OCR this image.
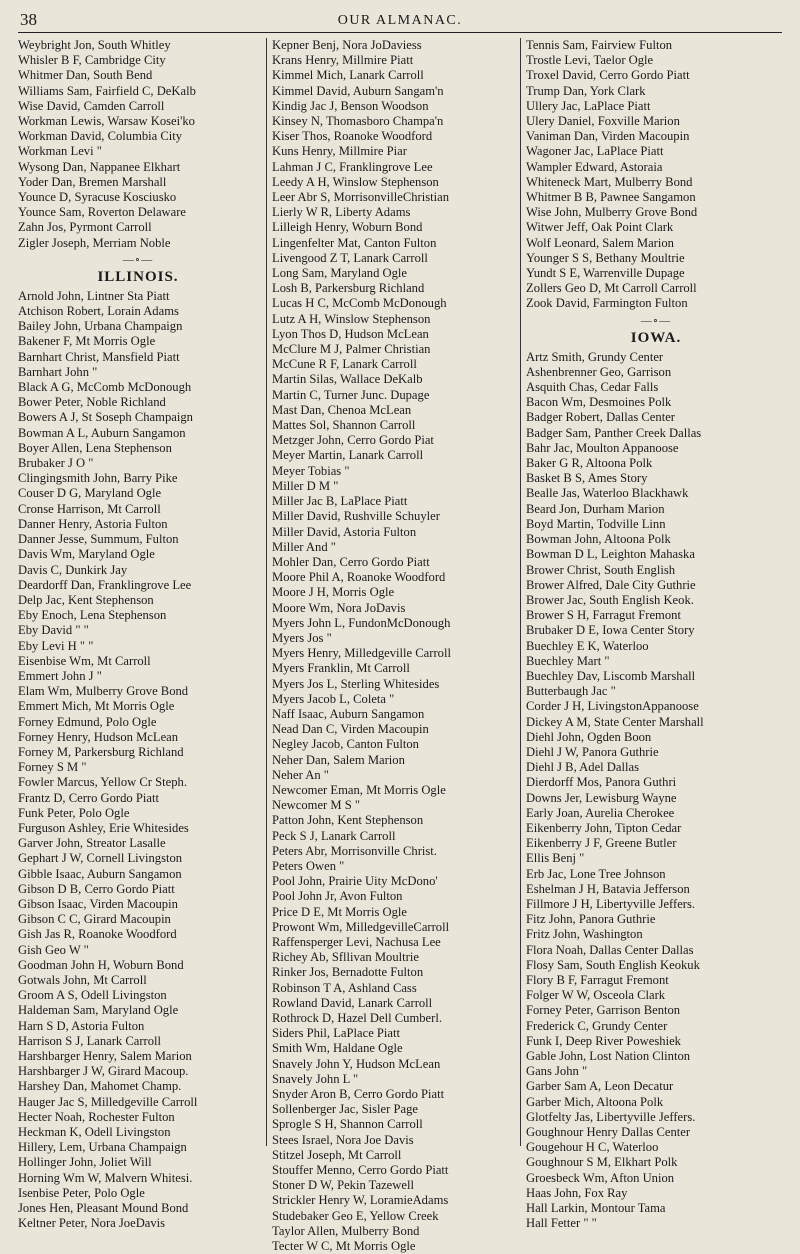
38	OUR ALMANAC.
Weybright Jon, South Whitley
Whisler B F, Cambridge City
Whitmer Dan, South Bend
Williams Sam, Fairfield C, DeKalb
Wise David, Camden Carroll
Workman Lewis, Warsaw Kosei'ko
Workman David, Columbia City
Workman Levi "
Wysong Dan, Nappanee Elkhart
Yoder Dan, Bremen Marshall
Younce D, Syracuse Kosciusko
Younce Sam, Roverton Delaware
Zahn Jos, Pyrmont Carroll
Zigler Joseph, Merriam Noble
—∘—
ILLINOIS.
Arnold John, Lintner Sta Piatt
Atchison Robert, Lorain Adams
Bailey John, Urbana Champaign
Bakener F, Mt Morris Ogle
Barnhart Christ, Mansfield Piatt
Barnhart John "
Black A G, McComb McDonough
Bower Peter, Noble Richland
Bowers A J, St Soseph Champaign
Bowman A L, Auburn Sangamon
Boyer Allen, Lena Stephenson
Brubaker J O "
Clingingsmith John, Barry Pike
Couser D G, Maryland Ogle
Cronse Harrison, Mt Carroll
Danner Henry, Astoria Fulton
Danner Jesse, Summum, Fulton
Davis Wm, Maryland Ogle
Davis C, Dunkirk Jay
Deardorff Dan, Franklingrove Lee
Delp Jac, Kent Stephenson
Eby Enoch, Lena Stephenson
Eby David " "
Eby Levi H " "
Eisenbise Wm, Mt Carroll
Emmert John J "
Elam Wm, Mulberry Grove Bond
Emmert Mich, Mt Morris Ogle
Forney Edmund, Polo Ogle
Forney Henry, Hudson McLean
Forney M, Parkersburg Richland
Forney S M "
Fowler Marcus, Yellow Cr Steph.
Frantz D, Cerro Gordo Piatt
Funk Peter, Polo Ogle
Furguson Ashley, Erie Whitesides
Garver John, Streator Lasalle
Gephart J W, Cornell Livingston
Gibble Isaac, Auburn Sangamon
Gibson D B, Cerro Gordo Piatt
Gibson Isaac, Virden Macoupin
Gibson C C, Girard Macoupin
Gish Jas R, Roanoke Woodford
Gish Geo W "
Goodman John H, Woburn Bond
Gotwals John, Mt Carroll
Groom A S, Odell Livingston
Haldeman Sam, Maryland Ogle
Harn S D, Astoria Fulton
Harrison S J, Lanark Carroll
Harshbarger Henry, Salem Marion
Harshbarger J W, Girard Macoup.
Harshey Dan, Mahomet Champ.
Hauger Jac S, Milledgeville Carroll
Hecter Noah, Rochester Fulton
Heckman K, Odell Livingston
Hillery, Lem, Urbana Champaign
Hollinger John, Joliet Will
Horning Wm W, Malvern Whitesi.
Isenbise Peter, Polo Ogle
Jones Hen, Pleasant Mound Bond
Keltner Peter, Nora JoeDavis
Kepner Benj, Nora JoDaviess
Krans Henry, Millmire Piatt
Kimmel Mich, Lanark Carroll
Kimmel David, Auburn Sangam'n
Kindig Jac J, Benson Woodson
Kinsey N, Thomasboro Champa'n
Kiser Thos, Roanoke Woodford
Kuns Henry, Millmire Piar
Lahman J C, Franklingrove Lee
Leedy A H, Winslow Stephenson
Leer Abr S, MorrisonvilleChristian
Lierly W R, Liberty Adams
Lilleigh Henry, Woburn Bond
Lingenfelter Mat, Canton Fulton
Livengood Z T, Lanark Carroll
Long Sam, Maryland Ogle
Losh B, Parkersburg Richland
Lucas H C, McComb McDonough
Lutz A H, Winslow Stephenson
Lyon Thos D, Hudson McLean
McClure M J, Palmer Christian
McCune R F, Lanark Carroll
Martin Silas, Wallace DeKalb
Martin C, Turner Junc. Dupage
Mast Dan, Chenoa McLean
Mattes Sol, Shannon Carroll
Metzger John, Cerro Gordo Piat
Meyer Martin, Lanark Carroll
Meyer Tobias "
Miller D M "
Miller Jac B, LaPlace Piatt
Miller David, Rushville Schuyler
Miller David, Astoria Fulton
Miller And "
Mohler Dan, Cerro Gordo Piatt
Moore Phil A, Roanoke Woodford
Moore J H, Morris Ogle
Moore Wm, Nora JoDavis
Myers John L, FundonMcDonough
Myers Jos "
Myers Henry, Milledgeville Carroll
Myers Franklin, Mt Carroll
Myers Jos L, Sterling Whitesides
Myers Jacob L, Coleta "
Naff Isaac, Auburn Sangamon
Nead Dan C, Virden Macoupin
Negley Jacob, Canton Fulton
Neher Dan, Salem Marion
Neher An "
Newcomer Eman, Mt Morris Ogle
Newcomer M S "
Patton John, Kent Stephenson
Peck S J, Lanark Carroll
Peters Abr, Morrisonville Christ.
Peters Owen "
Pool John, Prairie Uity McDono'
Pool John Jr, Avon Fulton
Price D E, Mt Morris Ogle
Prowont Wm, MilledgevilleCarroll
Raffensperger Levi, Nachusa Lee
Richey Ab, Sfllivan Moultrie
Rinker Jos, Bernadotte Fulton
Robinson T A, Ashland Cass
Rowland David, Lanark Carroll
Rothrock D, Hazel Dell Cumberl.
Siders Phil, LaPlace Piatt
Smith Wm, Haldane Ogle
Snavely John Y, Hudson McLean
Snavely John L "
Snyder Aron B, Cerro Gordo Piatt
Sollenberger Jac, Sisler Page
Sprogle S H, Shannon Carroll
Stees Israel, Nora Joe Davis
Stitzel Joseph, Mt Carroll
Stouffer Menno, Cerro Gordo Piatt
Stoner D W, Pekin Tazewell
Strickler Henry W, LoramieAdams
Studebaker Geo E, Yellow Creek
Taylor Allen, Mulberry Bond
Tecter W C, Mt Morris Ogle
Tennis Sam, Fairview Fulton
Trostle Levi, Taelor Ogle
Troxel David, Cerro Gordo Piatt
Trump Dan, York Clark
Ullery Jac, LaPlace Piatt
Ulery Daniel, Foxville Marion
Vaniman Dan, Virden Macoupin
Wagoner Jac, LaPlace Piatt
Wampler Edward, Astoraia
Whiteneck Mart, Mulberry Bond
Whitmer B B, Pawnee Sangamon
Wise John, Mulberry Grove Bond
Witwer Jeff, Oak Point Clark
Wolf Leonard, Salem Marion
Younger S S, Bethany Moultrie
Yundt S E, Warrenville Dupage
Zollers Geo D, Mt Carroll Carroll
Zook David, Farmington Fulton
—∘—
IOWA.
Artz Smith, Grundy Center
Ashenbrenner Geo, Garrison
Asquith Chas, Cedar Falls
Bacon Wm, Desmoines Polk
Badger Robert, Dallas Center
Badger Sam, Panther Creek Dallas
Bahr Jac, Moulton Appanoose
Baker G R, Altoona Polk
Basket B S, Ames Story
Bealle Jas, Waterloo Blackhawk
Beard Jon, Durham Marion
Boyd Martin, Todville Linn
Bowman John, Altoona Polk
Bowman D L, Leighton Mahaska
Brower Christ, South English
Brower Alfred, Dale City Guthrie
Brower Jac, South English Keok.
Brower S H, Farragut Fremont
Brubaker D E, Iowa Center Story
Buechley E K, Waterloo
Buechley Mart "
Buechley Dav, Liscomb Marshall
Butterbaugh Jac "
Corder J H, LivingstonAppanoose
Dickey A M, State Center Marshall
Diehl John, Ogden Boon
Diehl J W, Panora Guthrie
Diehl J B, Adel Dallas
Dierdorff Mos, Panora Guthri
Downs Jer, Lewisburg Wayne
Early Joan, Aurelia Cherokee
Eikenberry John, Tipton Cedar
Eikenberry J F, Greene Butler
Ellis Benj "
Erb Jac, Lone Tree Johnson
Eshelman J H, Batavia Jefferson
Fillmore J H, Libertyville Jeffers.
Fitz John, Panora Guthrie
Fritz John, Washington
Flora Noah, Dallas Center Dallas
Flosy Sam, South English Keokuk
Flory B F, Farragut Fremont
Folger W W, Osceola Clark
Forney Peter, Garrison Benton
Frederick C, Grundy Center
Funk I, Deep River Poweshiek
Gable John, Lost Nation Clinton
Gans John "
Garber Sam A, Leon Decatur
Garber Mich, Altoona Polk
Glotfelty Jas, Libertyville Jeffers.
Goughnour Henry Dallas Center
Gougehour H C, Waterloo
Goughnour S M, Elkhart Polk
Groesbeck Wm, Afton Union
Haas John, Fox Ray
Hall Larkin, Montour Tama
Hall Fetter " "
